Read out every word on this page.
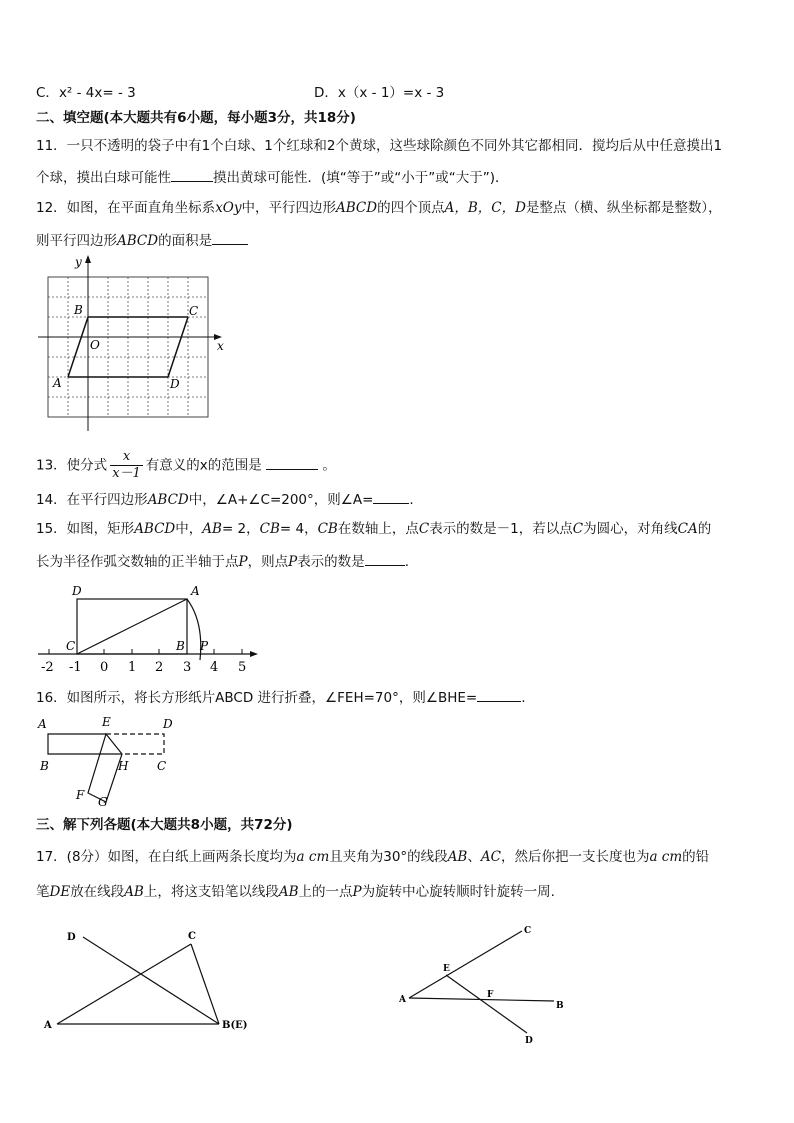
C．x² - 4x= - 3	D．x（x - 1）=x - 3
二、填空题(本大题共有6小题，每小题3分，共18分)
11．一只不透明的袋子中有1个白球、1个红球和2个黄球，这些球除颜色不同外其它都相同．搅均后从中任意摸出1
个球，摸出白球可能性	摸出黄球可能性．(填“等于”或“小于”或“大于”)．
12．如图，在平面直角坐标系xOy中，平行四边形ABCD的四个顶点A，B，C，D是整点（横、纵坐标都是整数），
则平行四边形ABCD的面积是
x
y
O
A
B	C
D
13．使分式 $\frac{x}{x-1}$ 有意义的x的范围是	。
14．在平行四边形ABCD中，∠A+∠C=200°，则∠A=	.
15．如图，矩形ABCD中，AB= 2，CB= 4，CB在数轴上，点C表示的数是－1，若以点C为圆心，对角线CA的
长为半径作弧交数轴的正半轴于点P，则点P表示的数是	.
D	A
C	B P
-2 -1 0 1 2 3 4 5
16．如图所示，将长方形纸片ABCD 进行折叠，∠FEH=70°，则∠BHE=	.
A	E	D
B	H C
F G
三、解下列各题(本大题共8小题，共72分)
17．(8分）如图，在白纸上画两条长度均为a cm且夹角为30°的线段AB、AC，然后你把一支长度也为a cm的铅
笔DE放在线段AB上，将这支铅笔以线段AB上的一点P为旋转中心旋转顺时针旋转一周.
D	C
A	B(E)
C
E
A	F
B
D
